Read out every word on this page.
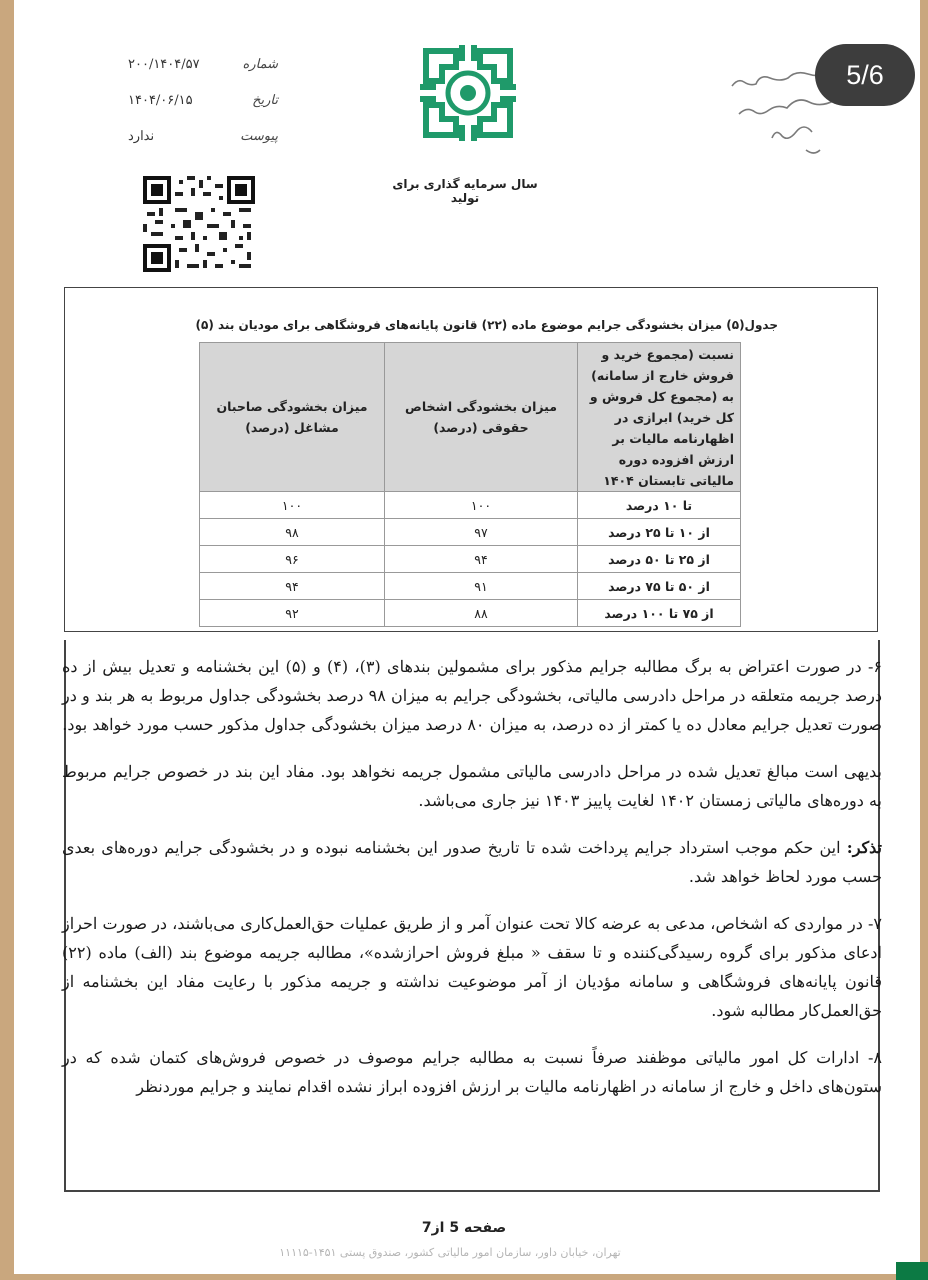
شماره
۲۰۰/۱۴۰۴/۵۷
تاریخ
۱۴۰۴/۰۶/۱۵
پیوست
ندارد
سال سرمایه گذاری برای تولید
5/6
جدول(۵) میزان بخشودگی جرایم موضوع ماده (۲۲) قانون پایانه‌های فروشگاهی برای مودیان بند (۵)
نسبت (مجموع خرید و فروش خارج از سامانه) به (مجموع کل فروش و کل خرید) ابرازی در اظهارنامه مالیات بر ارزش افزوده دوره مالیاتی تابستان ۱۴۰۴	میزان بخشودگی اشخاص حقوقی (درصد)	میزان بخشودگی صاحبان مشاغل (درصد)
تا ۱۰ درصد	۱۰۰	۱۰۰
از ۱۰ تا ۲۵ درصد	۹۷	۹۸
از ۲۵ تا ۵۰ درصد	۹۴	۹۶
از ۵۰ تا ۷۵ درصد	۹۱	۹۴
از ۷۵ تا ۱۰۰ درصد	۸۸	۹۲

۶- در صورت اعتراض به برگ مطالبه جرایم مذکور برای مشمولین بندهای (۳)، (۴) و (۵) این بخشنامه و تعدیل بیش از ده درصد جریمه متعلقه در مراحل دادرسی مالیاتی، بخشودگی جرایم به میزان ۹۸ درصد بخشودگی جداول مربوط به هر بند و در صورت تعدیل جرایم معادل ده یا کمتر از ده درصد، به میزان ۸۰ درصد میزان بخشودگی جداول مذکور حسب مورد خواهد بود.

بدیهی است مبالغ تعدیل شده در مراحل دادرسی مالیاتی مشمول جریمه نخواهد بود. مفاد این بند در خصوص جرایم مربوط به دوره‌های مالیاتی زمستان ۱۴۰۲ لغایت پاییز ۱۴۰۳ نیز جاری می‌باشد.

تذکر: این حکم موجب استرداد جرایم پرداخت شده تا تاریخ صدور این بخشنامه نبوده و در بخشودگی جرایم دوره‌های بعدی حسب مورد لحاظ خواهد شد.

۷- در مواردی که اشخاص، مدعی به عرضه کالا تحت عنوان آمر و از طریق عملیات حق‌العمل‌کاری می‌باشند، در صورت احراز ادعای مذکور برای گروه رسیدگی‌کننده و تا سقف « مبلغ فروش احرازشده»، مطالبه جریمه موضوع بند (الف) ماده (۲۲) قانون پایانه‌های فروشگاهی و سامانه مؤدیان از آمر موضوعیت نداشته و جریمه مذکور با رعایت مفاد این بخشنامه از حق‌العمل‌کار مطالبه شود.

۸- ادارات کل امور مالیاتی موظفند صرفاً نسبت به مطالبه جرایم موصوف در خصوص فروش‌های کتمان شده که در ستون‌های داخل و خارج از سامانه در اظهارنامه مالیات بر ارزش افزوده ابراز نشده اقدام نمایند و جرایم موردنظر

صفحه 5 از7
تهران، خیابان داور، سازمان امور مالیاتی کشور، صندوق پستی ۱۴۵۱-۱۱۱۱۵
